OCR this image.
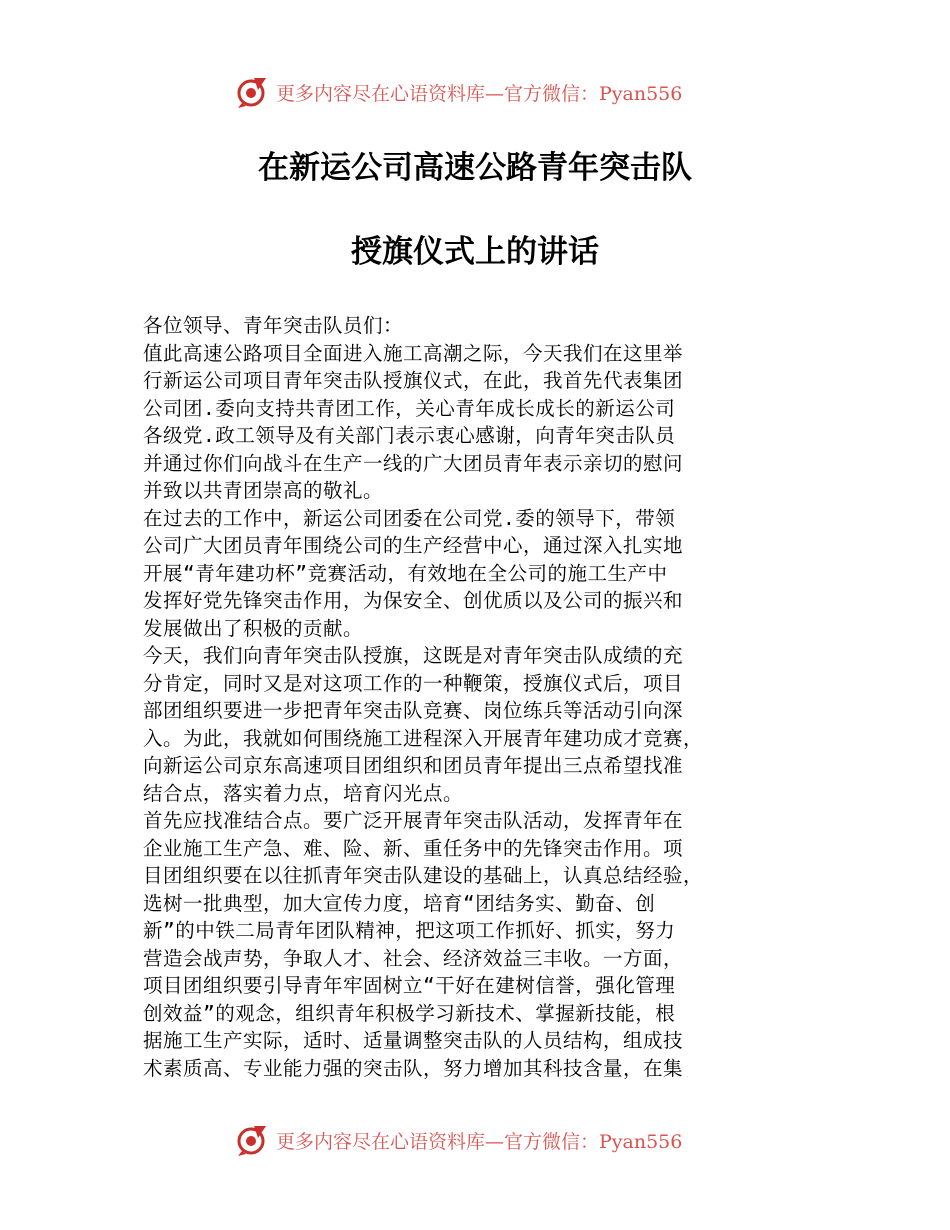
更多内容尽在心语资料库—官方微信：Pyan556
在新运公司高速公路青年突击队
授旗仪式上的讲话
各位领导、青年突击队员们：
值此高速公路项目全面进入施工高潮之际，今天我们在这里举
行新运公司项目青年突击队授旗仪式，在此，我首先代表集团
公司团.委向支持共青团工作，关心青年成长成长的新运公司
各级党.政工领导及有关部门表示衷心感谢，向青年突击队员
并通过你们向战斗在生产一线的广大团员青年表示亲切的慰问
并致以共青团崇高的敬礼。
在过去的工作中，新运公司团委在公司党.委的领导下，带领
公司广大团员青年围绕公司的生产经营中心，通过深入扎实地
开展“青年建功杯”竞赛活动，有效地在全公司的施工生产中
发挥好党先锋突击作用，为保安全、创优质以及公司的振兴和
发展做出了积极的贡献。
今天，我们向青年突击队授旗，这既是对青年突击队成绩的充
分肯定，同时又是对这项工作的一种鞭策，授旗仪式后，项目
部团组织要进一步把青年突击队竞赛、岗位练兵等活动引向深
入。为此，我就如何围绕施工进程深入开展青年建功成才竞赛，
向新运公司京东高速项目团组织和团员青年提出三点希望找准
结合点，落实着力点，培育闪光点。
首先应找准结合点。要广泛开展青年突击队活动，发挥青年在
企业施工生产急、难、险、新、重任务中的先锋突击作用。项
目团组织要在以往抓青年突击队建设的基础上，认真总结经验，
选树一批典型，加大宣传力度，培育“团结务实、勤奋、创
新”的中铁二局青年团队精神，把这项工作抓好、抓实，努力
营造会战声势，争取人才、社会、经济效益三丰收。一方面，
项目团组织要引导青年牢固树立“干好在建树信誉，强化管理
创效益”的观念，组织青年积极学习新技术、掌握新技能，根
据施工生产实际，适时、适量调整突击队的人员结构，组成技
术素质高、专业能力强的突击队，努力增加其科技含量，在集
更多内容尽在心语资料库—官方微信：Pyan556
